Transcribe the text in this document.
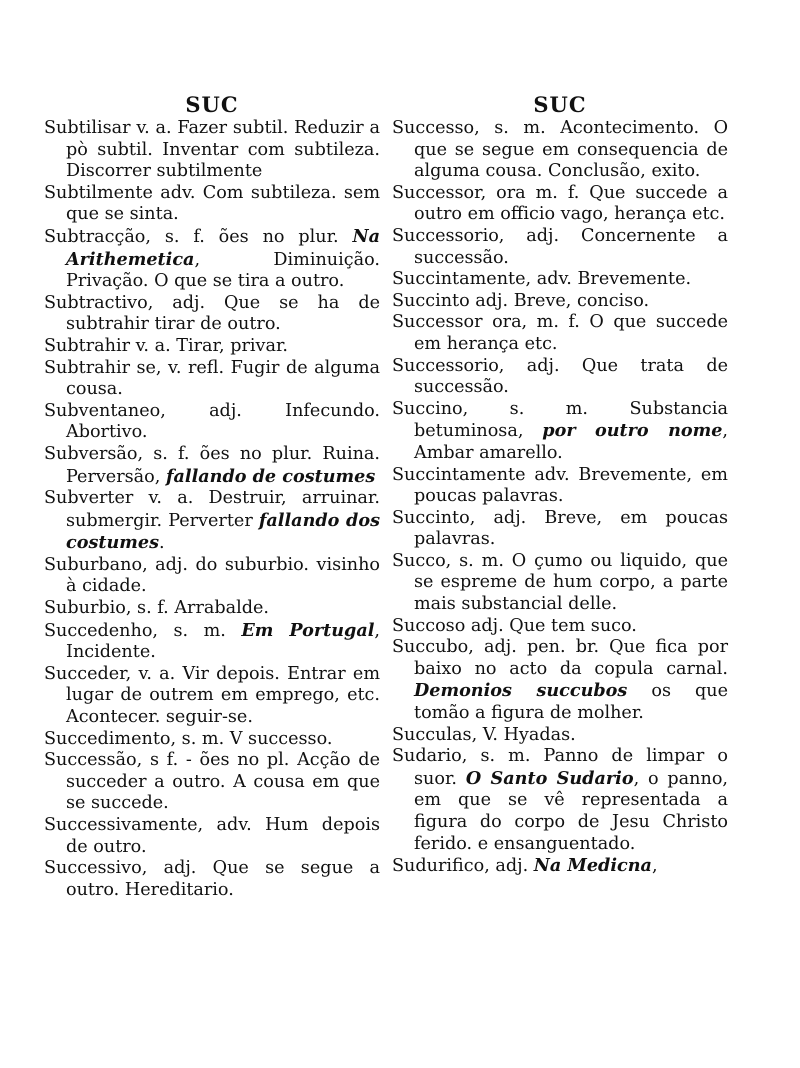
SUC

Subtilisar v. a. Fazer subtil. Reduzir a pò subtil. Inventar com subtileza. Discorrer subtilmente

Subtilmente adv. Com subtileza. sem que se sinta.

Subtracção, s. f. ões no plur. Na Arithemetica, Diminuição. Privação. O que se tira a outro.

Subtractivo, adj. Que se ha de subtrahir tirar de outro.

Subtrahir v. a. Tirar, privar.

Subtrahir se, v. refl. Fugir de alguma cousa.

Subventaneo, adj. Infecundo. Abortivo.

Subversão, s. f. ões no plur. Ruina. Perversão, fallando de costumes

Subverter v. a. Destruir, arruinar. submergir. Perverter fallando dos costumes.

Suburbano, adj. do suburbio. visinho à cidade.

Suburbio, s. f. Arrabalde.

Succedenho, s. m. Em Portugal, Incidente.

Succeder, v. a. Vir depois. Entrar em lugar de outrem em emprego, etc. Acontecer. seguir-se.

Succedimento, s. m. V successo.

Successão, s f. - ões no pl. Acção de succeder a outro. A cousa em que se succede.

Successivamente, adv. Hum depois de outro.

Successivo, adj. Que se segue a outro. Hereditario.

SUC

Successo, s. m. Acontecimento. O que se segue em consequencia de alguma cousa. Conclusão, exito.

Successor, ora m. f. Que succede a outro em officio vago, herança etc.

Successorio, adj. Concernente a successão.

Succintamente, adv. Brevemente.

Succinto adj. Breve, conciso.

Successor ora, m. f. O que succede em herança etc.

Successorio, adj. Que trata de successão.

Succino, s. m. Substancia betuminosa, por outro nome, Ambar amarello.

Succintamente adv. Brevemente, em poucas palavras.

Succinto, adj. Breve, em poucas palavras.

Succo, s. m. O çumo ou liquido, que se espreme de hum corpo, a parte mais substancial delle.

Succoso adj. Que tem suco.

Succubo, adj. pen. br. Que fica por baixo no acto da copula carnal. Demonios succubos os que tomão a figura de molher.

Succulas, V. Hyadas.

Sudario, s. m. Panno de limpar o suor. O Santo Sudario, o panno, em que se vê representada a figura do corpo de Jesu Christo ferido. e ensanguentado.

Sudurifico, adj. Na Medicna,
